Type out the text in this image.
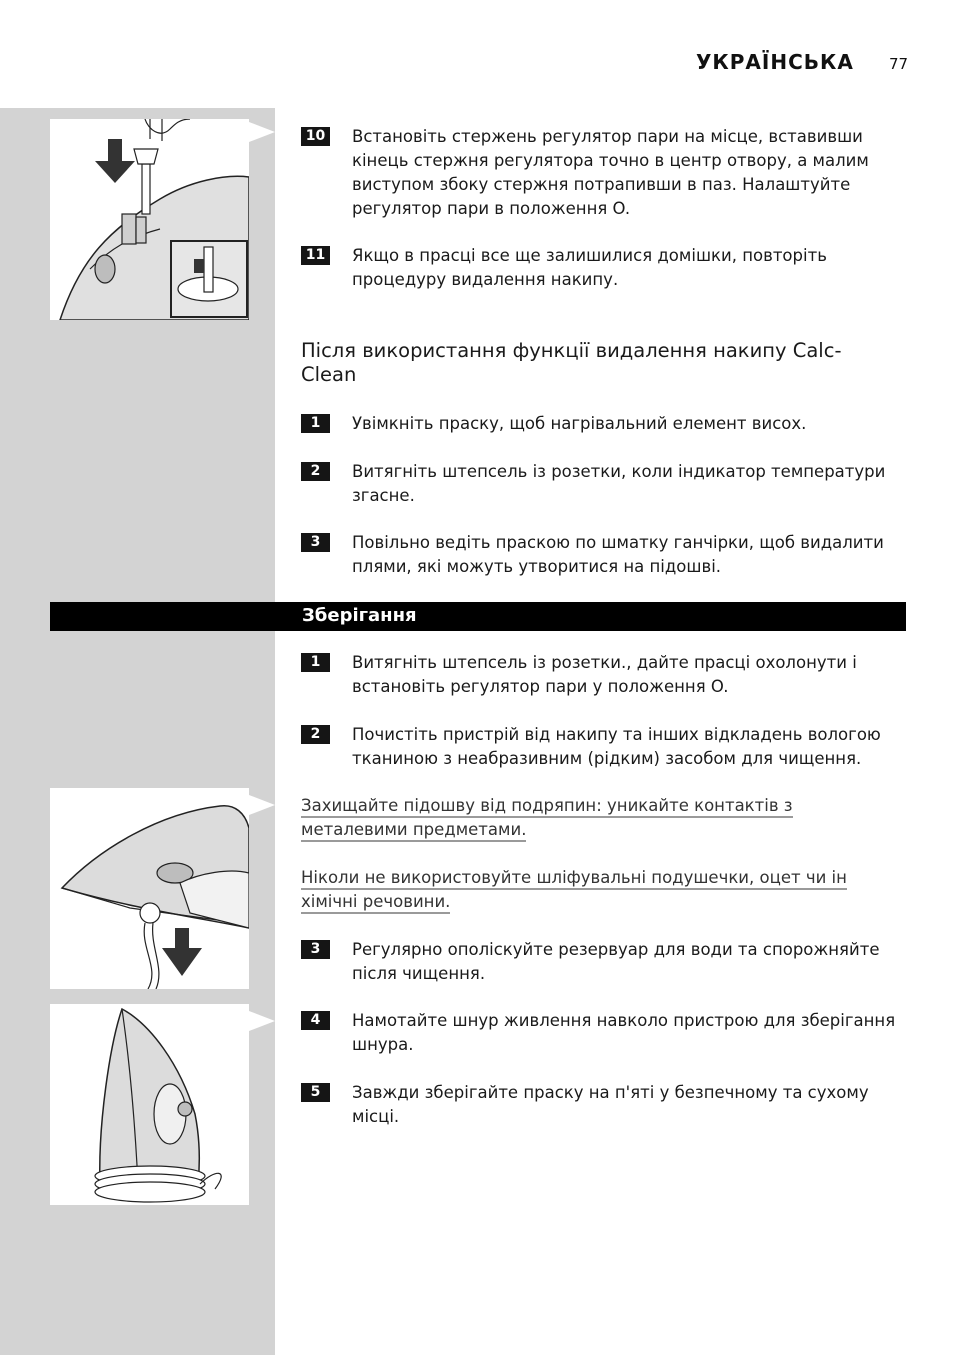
УКРАЇНСЬКА 77
10 Встановіть стержень регулятор пари на місце, вставивши кінець стержня регулятора точно в центр отвору, а малим виступом збоку стержня потрапивши в паз. Налаштуйте регулятор пари в положення O.
11 Якщо в прасці все ще залишилися домішки, повторіть процедуру видалення накипу.
Після використання функції видалення накипу Calc-Clean
1	Увімкніть праску, щоб нагрівальний елемент висох.
2	Витягніть штепсель із розетки, коли індикатор температури згасне.
3	Повільно ведіть праскою по шматку ганчірки, щоб видалити плями, які можуть утворитися на підошві.
Зберігання
1	Витягніть штепсель із розетки., дайте прасці охолонути і встановіть регулятор пари у положення O.
2	Почистіть пристрій від накипу та інших відкладень вологою тканиною з неабразивним (рідким) засобом для чищення.
Захищайте підошву від подряпин: уникайте контактів з металевими предметами.
Ніколи не використовуйте шліфувальні подушечки, оцет чи ін хімічні речовини.
3	Регулярно ополіскуйте резервуар для води та спорожняйте після чищення.
4	Намотайте шнур живлення навколо пристрою для зберігання шнура.
5	Завжди зберігайте праску на п'яті у безпечному та сухому місці.
